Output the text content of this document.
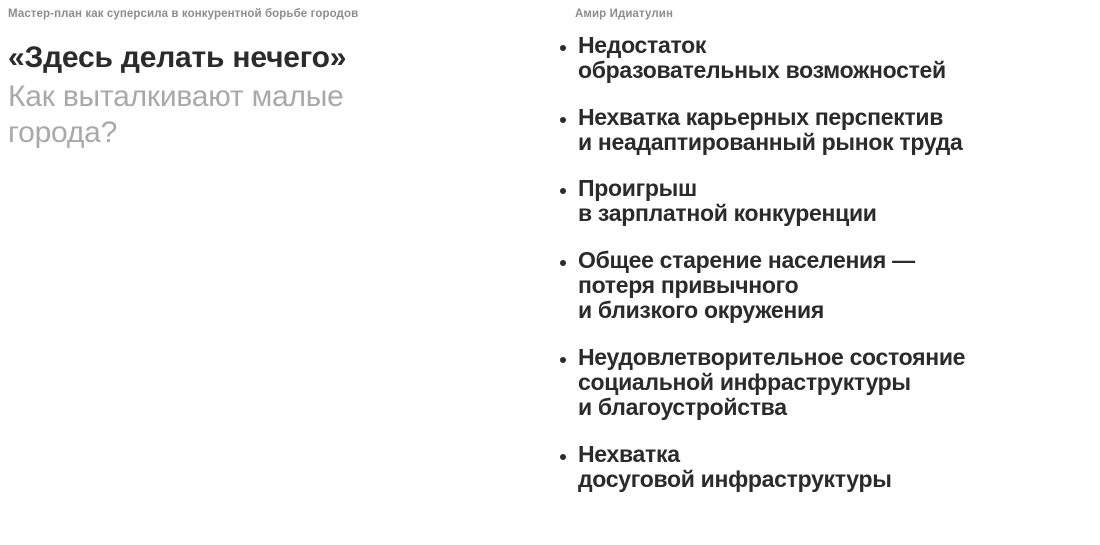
Мастер-план как суперсила в конкурентной борьбе городов	Амир Идиатулин
«Здесь делать нечего»
Как выталкивают малые
города?
Недостаток
образовательных возможностей
Нехватка карьерных перспектив
и неадаптированный рынок труда
Проигрыш
в зарплатной конкуренции
Общее старение населения —
потеря привычного
и близкого окружения
Неудовлетворительное состояние
социальной инфраструктуры
и благоустройства
Нехватка
досуговой инфраструктуры
